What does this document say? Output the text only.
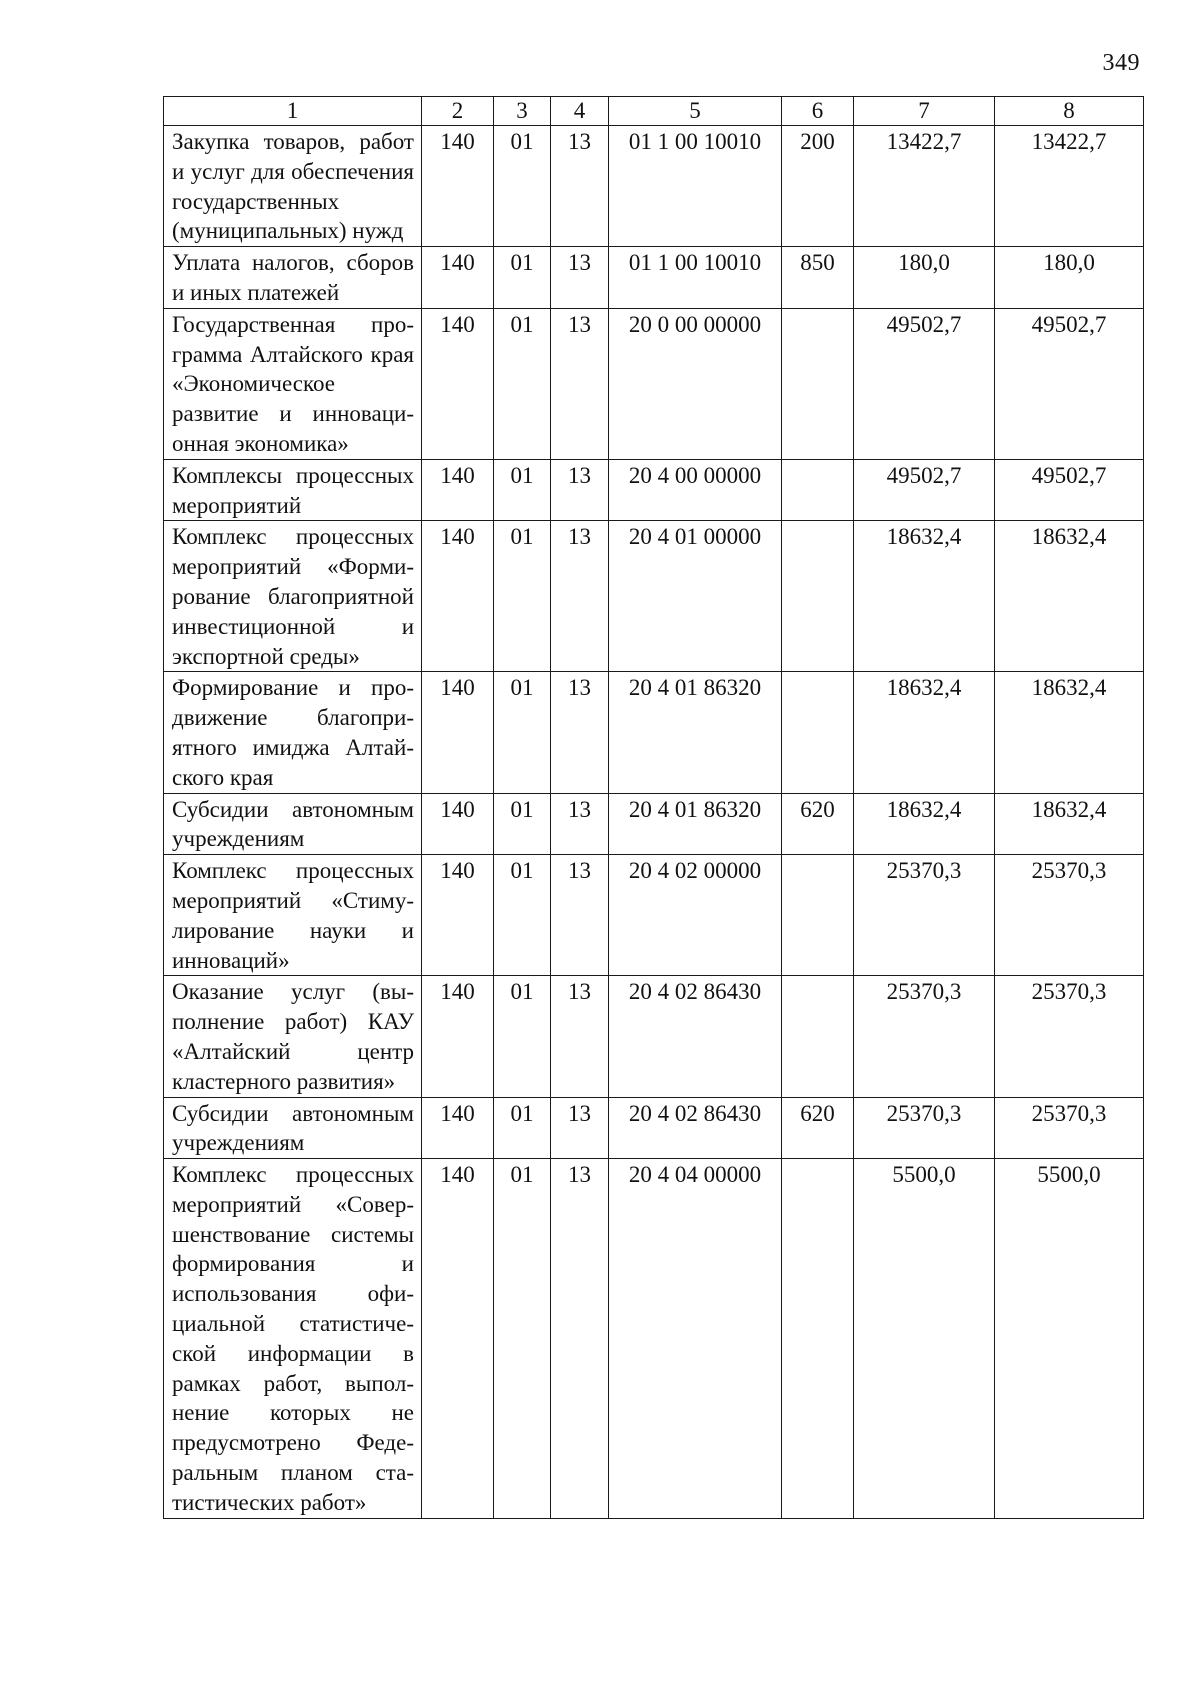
349
1	2	3	4	5	6	7	8
Закупка товаров, работ и услуг для обеспечения государственных (муниципальных) нужд	140	01	13	01 1 00 10010	200	13422,7	13422,7
Уплата налогов, сборов и иных платежей	140	01	13	01 1 00 10010	850	180,0	180,0
Государственная программа Алтайского края «Экономическое развитие и инновационная экономика»	140	01	13	20 0 00 00000		49502,7	49502,7
Комплексы процессных мероприятий	140	01	13	20 4 00 00000		49502,7	49502,7
Комплекс процессных мероприятий «Формирование благоприятной инвестиционной и экспортной среды»	140	01	13	20 4 01 00000		18632,4	18632,4
Формирование и продвижение благоприятного имиджа Алтайского края	140	01	13	20 4 01 86320		18632,4	18632,4
Субсидии автономным учреждениям	140	01	13	20 4 01 86320	620	18632,4	18632,4
Комплекс процессных мероприятий «Стимулирование науки и инноваций»	140	01	13	20 4 02 00000		25370,3	25370,3
Оказание услуг (выполнение работ) КАУ «Алтайский центр кластерного развития»	140	01	13	20 4 02 86430		25370,3	25370,3
Субсидии автономным учреждениям	140	01	13	20 4 02 86430	620	25370,3	25370,3
Комплекс процессных мероприятий «Совершенствование системы формирования и использования официальной статистической информации в рамках работ, выполнение которых не предусмотрено Федеральным планом статистических работ»	140	01	13	20 4 04 00000		5500,0	5500,0
